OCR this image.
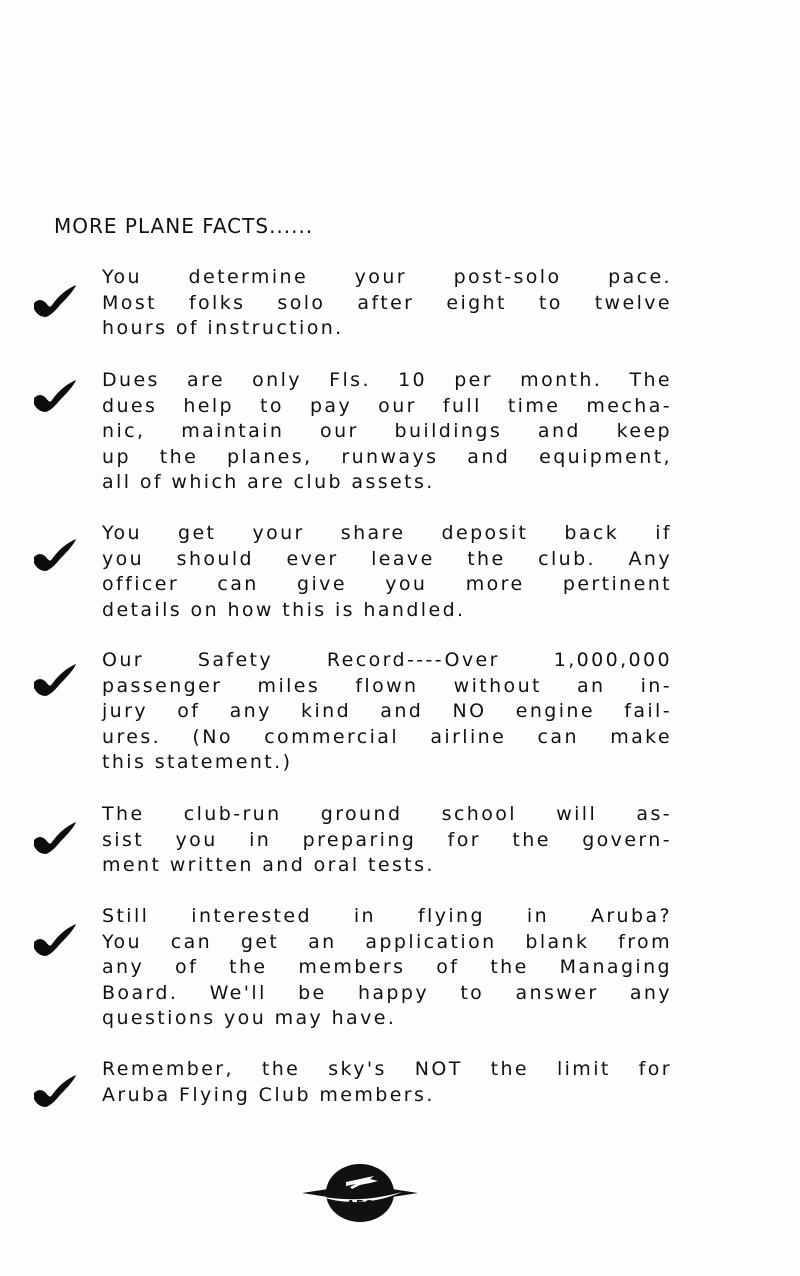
MORE PLANE FACTS......
You determine your post-solo pace.
Most folks solo after eight to twelve
hours of instruction.
Dues are only Fls. 10 per month. The
dues help to pay our full time mecha-
nic, maintain our buildings and keep
up the planes, runways and equipment,
all of which are club assets.
You get your share deposit back if
you should ever leave the club. Any
officer can give you more pertinent
details on how this is handled.
Our Safety Record----Over 1,000,000
passenger miles flown without an in-
jury of any kind and NO engine fail-
ures. (No commercial airline can make
this statement.)
The club-run ground school will as-
sist you in preparing for the govern-
ment written and oral tests.
Still interested in flying in Aruba?
You can get an application blank from
any of the members of the Managing
Board. We'll be happy to answer any
questions you may have.
Remember, the sky's NOT the limit for
Aruba Flying Club members.
AFC
